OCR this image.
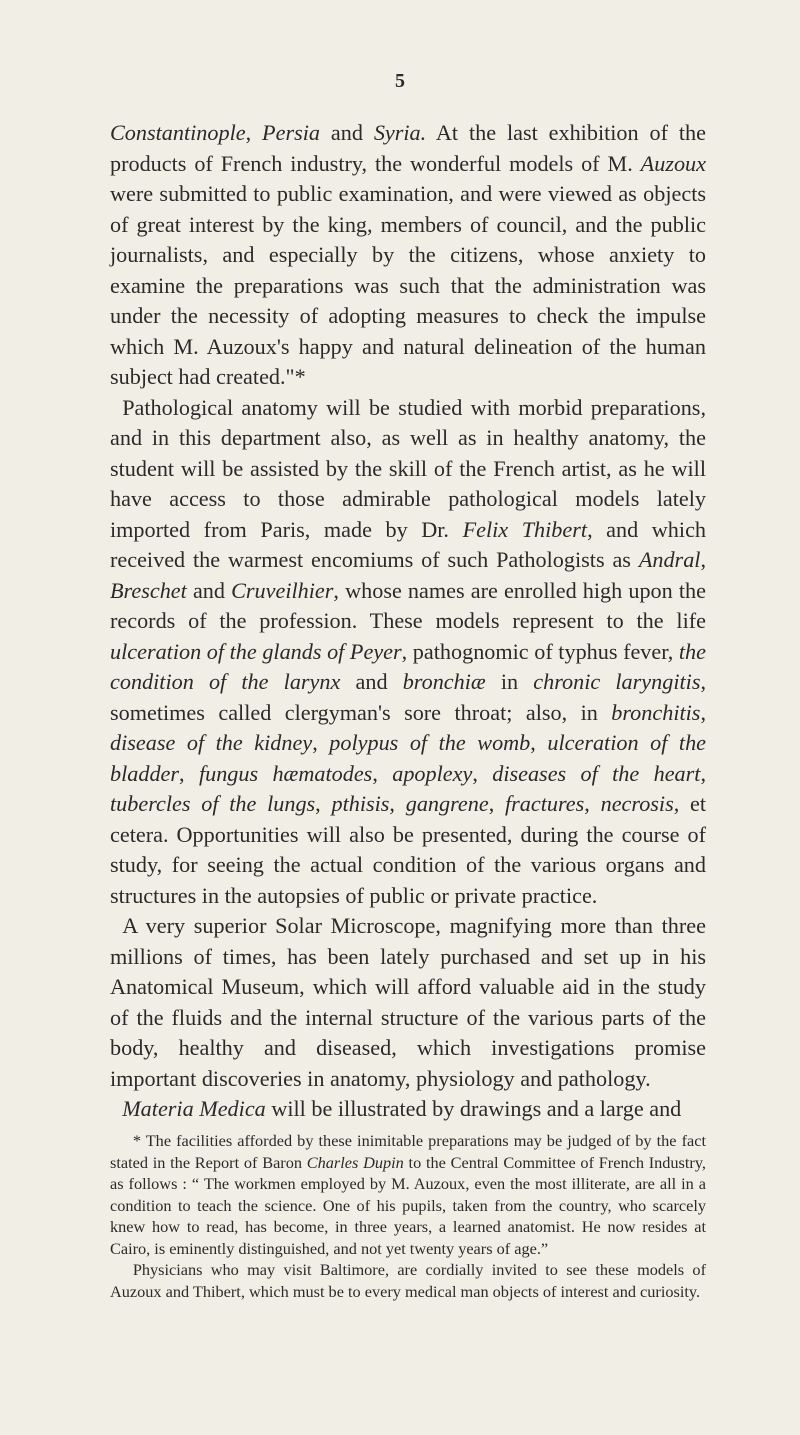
5

Constantinople, Persia and Syria. At the last exhibition of the products of French industry, the wonderful models of M. Auzoux were submitted to public examination, and were viewed as objects of great interest by the king, members of council, and the public journalists, and especially by the citizens, whose anxiety to examine the preparations was such that the administration was under the necessity of adopting measures to check the impulse which M. Auzoux's happy and natural delineation of the human subject had created."*

Pathological anatomy will be studied with morbid preparations, and in this department also, as well as in healthy anatomy, the student will be assisted by the skill of the French artist, as he will have access to those admirable pathological models lately imported from Paris, made by Dr. Felix Thibert, and which received the warmest encomiums of such Pathologists as Andral, Breschet and Cruveilhier, whose names are enrolled high upon the records of the profession. These models represent to the life ulceration of the glands of Peyer, pathognomic of typhus fever, the condition of the larynx and bronchiæ in chronic laryngitis, sometimes called clergyman's sore throat; also, in bronchitis, disease of the kidney, polypus of the womb, ulceration of the bladder, fungus hæmatodes, apoplexy, diseases of the heart, tubercles of the lungs, pthisis, gangrene, fractures, necrosis, et cetera. Opportunities will also be presented, during the course of study, for seeing the actual condition of the various organs and structures in the autopsies of public or private practice.

A very superior Solar Microscope, magnifying more than three millions of times, has been lately purchased and set up in his Anatomical Museum, which will afford valuable aid in the study of the fluids and the internal structure of the various parts of the body, healthy and diseased, which investigations promise important discoveries in anatomy, physiology and pathology.

Materia Medica will be illustrated by drawings and a large and

* The facilities afforded by these inimitable preparations may be judged of by the fact stated in the Report of Baron Charles Dupin to the Central Committee of French Industry, as follows : “ The workmen employed by M. Auzoux, even the most illiterate, are all in a condition to teach the science. One of his pupils, taken from the country, who scarcely knew how to read, has become, in three years, a learned anatomist. He now resides at Cairo, is eminently distinguished, and not yet twenty years of age.”

Physicians who may visit Baltimore, are cordially invited to see these models of Auzoux and Thibert, which must be to every medical man objects of interest and curiosity.
